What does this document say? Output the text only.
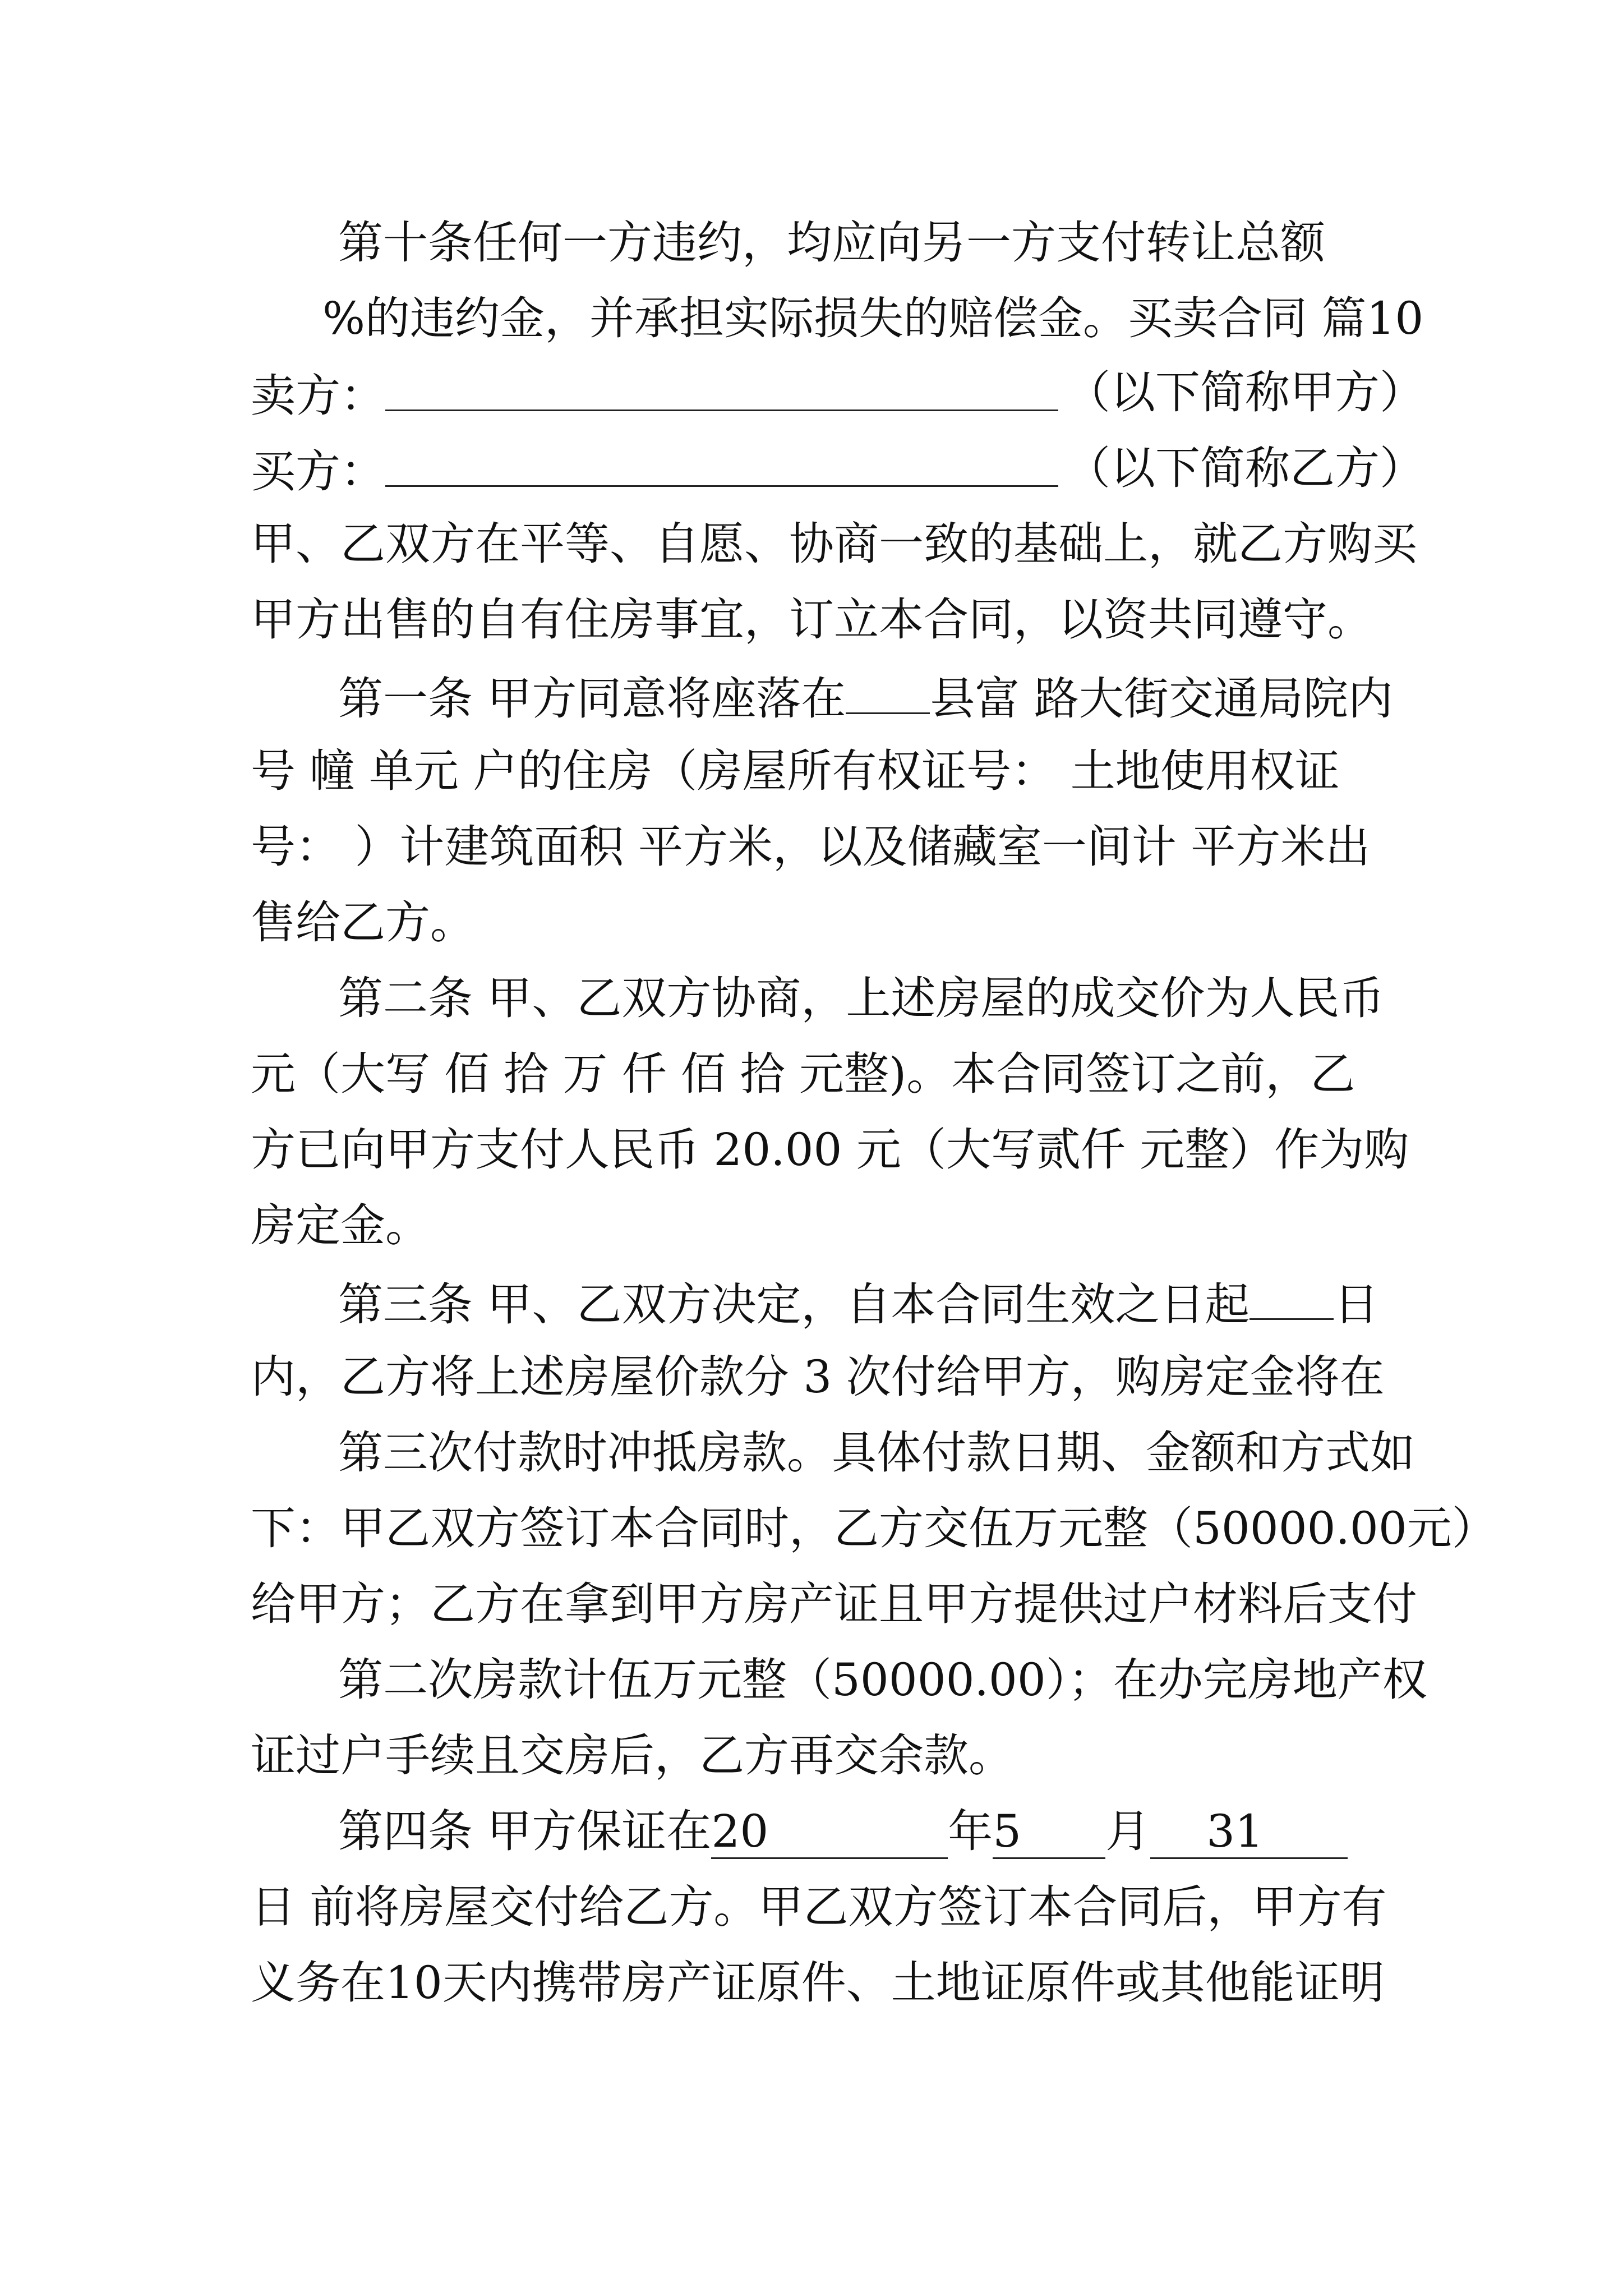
第十条任何一方违约，均应向另一方支付转让总额
%的违约金，并承担实际损失的赔偿金。买卖合同 篇10
卖方：	（以下简称甲方）
买方：	（以下简称乙方）
甲、乙双方在平等、自愿、协商一致的基础上，就乙方购买
甲方出售的自有住房事宜，订立本合同，以资共同遵守。
第一条 甲方同意将座落在 县富 路大街交通局院内
号 幢 单元 户的住房（房屋所有权证号： 土地使用权证
号： ）计建筑面积 平方米，以及储藏室一间计 平方米出
售给乙方。
第二条 甲、乙双方协商，上述房屋的成交价为人民币
元（大写 佰 拾 万 仟 佰 拾 元整)。本合同签订之前，乙
方已向甲方支付人民币 20.00 元（大写贰仟 元整）作为购
房定金。
第三条 甲、乙双方决定，自本合同生效之日起 日
内，乙方将上述房屋价款分 3 次付给甲方，购房定金将在
第三次付款时冲抵房款。具体付款日期、金额和方式如
下：甲乙双方签订本合同时，乙方交伍万元整（50000.00元）
给甲方；乙方在拿到甲方房产证且甲方提供过户材料后支付
第二次房款计伍万元整（50000.00）；在办完房地产权
证过户手续且交房后，乙方再交余款。
第四条 甲方保证在20	年5 月 31
日 前将房屋交付给乙方。甲乙双方签订本合同后，甲方有
义务在10天内携带房产证原件、土地证原件或其他能证明
